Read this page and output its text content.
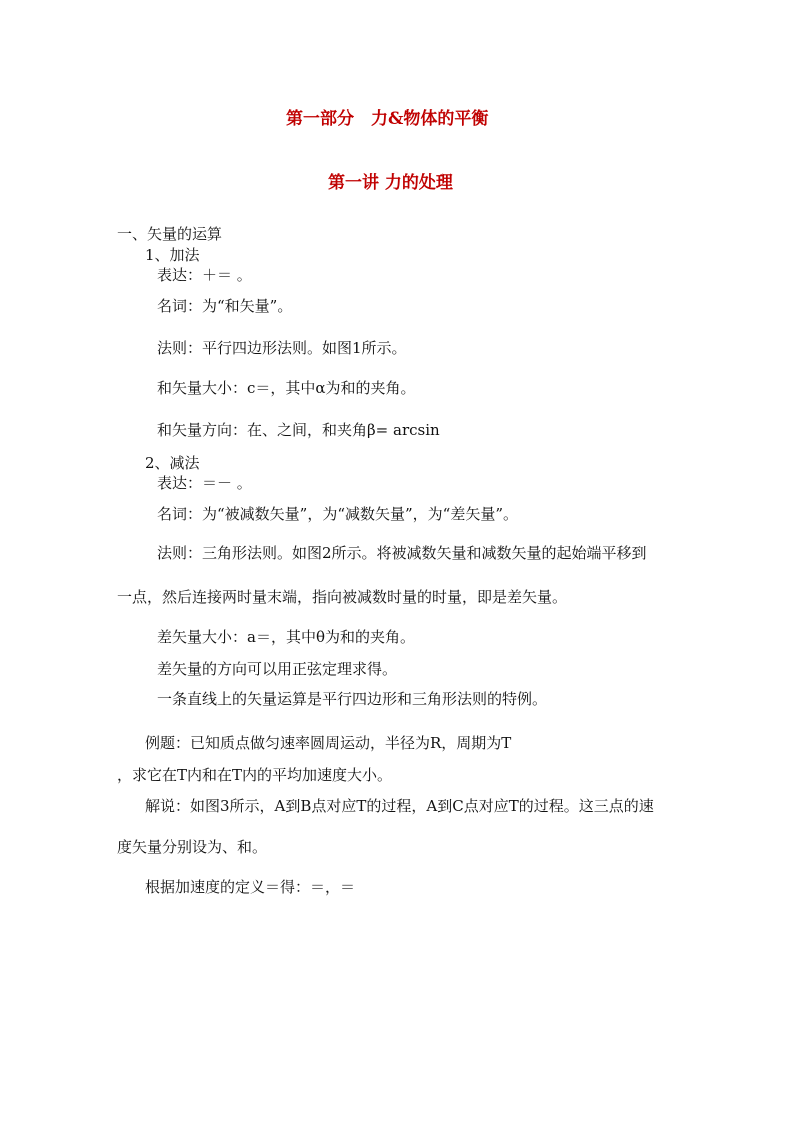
第一部分　力&物体的平衡
第一讲 力的处理
一、矢量的运算
1、加法
表达：＋＝ 。
名词：为“和矢量”。
法则：平行四边形法则。如图1所示。
和矢量大小：c＝，其中α为和的夹角。
和矢量方向：在、之间，和夹角β= arcsin
2、减法
表达：＝－ 。
名词：为“被减数矢量”，为“减数矢量”，为“差矢量”。
法则：三角形法则。如图2所示。将被减数矢量和减数矢量的起始端平移到
一点，然后连接两时量末端，指向被减数时量的时量，即是差矢量。
差矢量大小：a＝，其中θ为和的夹角。
差矢量的方向可以用正弦定理求得。
一条直线上的矢量运算是平行四边形和三角形法则的特例。
例题：已知质点做匀速率圆周运动，半径为R，周期为T
，求它在T内和在T内的平均加速度大小。
解说：如图3所示，A到B点对应T的过程，A到C点对应T的过程。这三点的速
度矢量分别设为、和。
根据加速度的定义＝得：＝，＝
